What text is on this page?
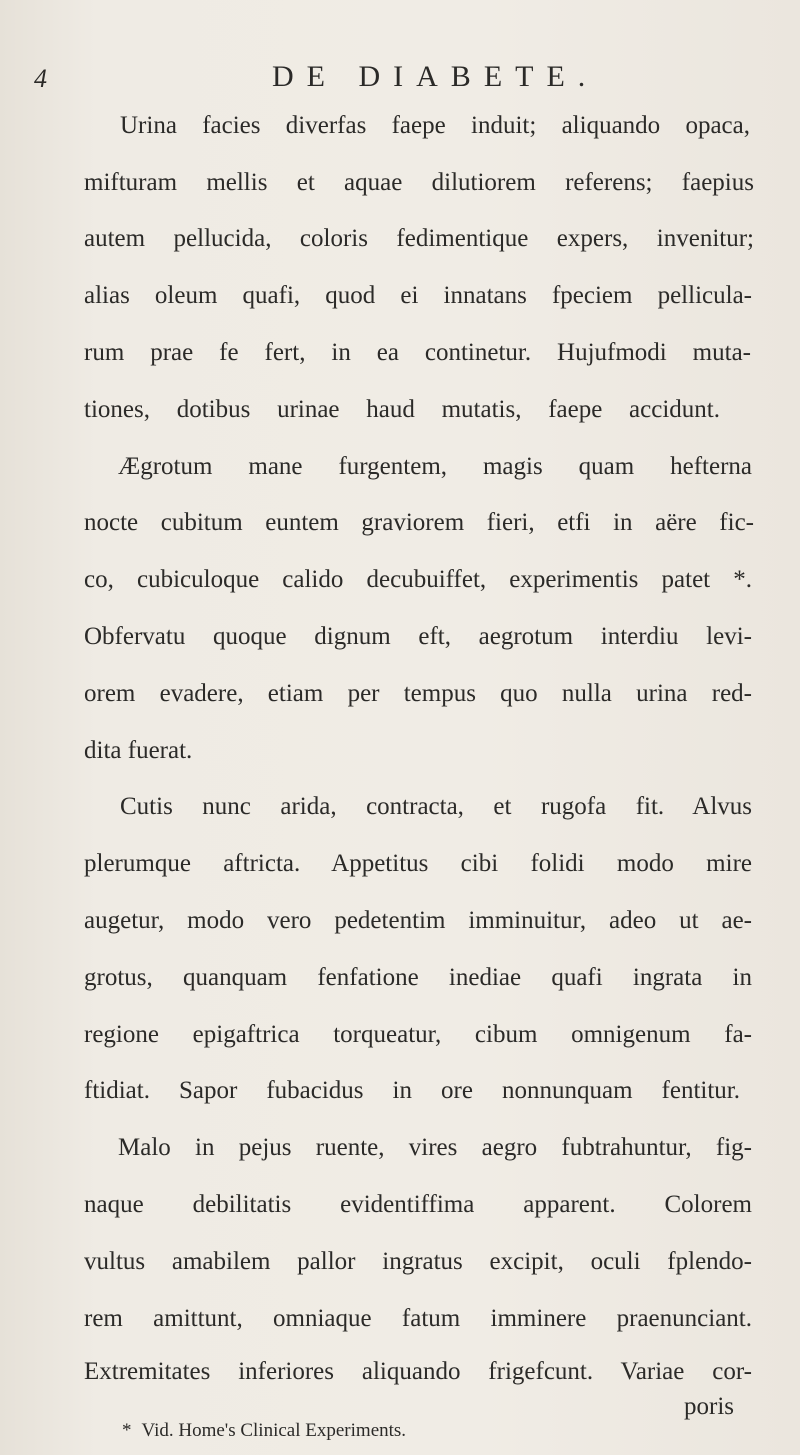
4	DE DIABETE.
Urina facies diverfas faepe induit; aliquando opaca,
mifturam mellis et aquae dilutiorem referens; faepius
autem pellucida, coloris fedimentique expers, invenitur;
alias oleum quafi, quod ei innatans fpeciem pellicula-
rum prae fe fert, in ea continetur. Hujufmodi muta-
tiones, dotibus urinae haud mutatis, faepe accidunt.
Ægrotum mane furgentem, magis quam hefterna
nocte cubitum euntem graviorem fieri, etfi in aëre fic-
co, cubiculoque calido decubuiffet, experimentis patet *.
Obfervatu quoque dignum eft, aegrotum interdiu levi-
orem evadere, etiam per tempus quo nulla urina red-
dita fuerat.
Cutis nunc arida, contracta, et rugofa fit. Alvus
plerumque aftricta. Appetitus cibi folidi modo mire
augetur, modo vero pedetentim imminuitur, adeo ut ae-
grotus, quanquam fenfatione inediae quafi ingrata in
regione epigaftrica torqueatur, cibum omnigenum fa-
ftidiat. Sapor fubacidus in ore nonnunquam fentitur.
Malo in pejus ruente, vires aegro fubtrahuntur, fig-
naque debilitatis evidentiffima apparent. Colorem
vultus amabilem pallor ingratus excipit, oculi fplendo-
rem amittunt, omniaque fatum imminere praenunciant.
Extremitates inferiores aliquando frigefcunt. Variae cor-
poris
* Vid. Home's Clinical Experiments.
